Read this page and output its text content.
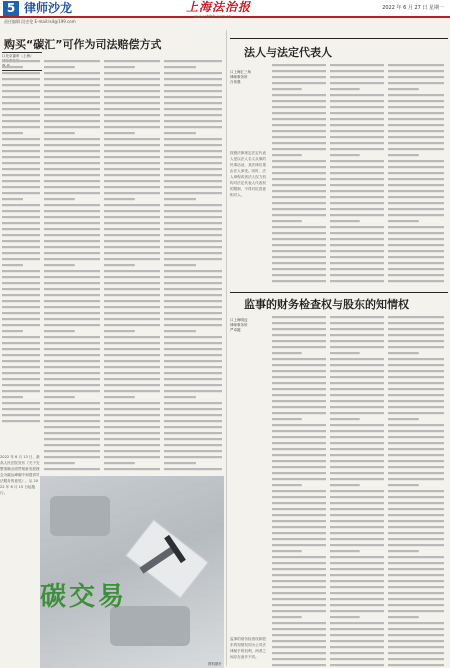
5 律师沙龙
责任编辑 段史伦 E-mail:ls4@199.com
上海法治报
www.shfzb.com.cn
2022 年 6 月 27 日 星期一
购买“碳汇”可作为司法赔偿方式
口北京嘉申（上海）
2022 年 6 月 13 日，最高人民法院发布《关于完整准确全面贯彻新发展理念为碳达峰碳中和提供司法服务的意见》。从 2022 年 6 月 15 日起施行。
碳交易
资料图片
法人与法定代表人
口上海汇三角
律师事务所
白伟强
按照法律规定法定代表人是以法人名义从事的民事活动，其法律后果由法人承受。同时，法人章程或者法人权力机构对法定代表人代表权的限制，不得对抗善意相对人。
监事的财务检查权与股东的知情权
口上海明迈
律师事务所
严卓越
监事的财务检查权和股东的知情权同为公司法律赋予的权利，两者之间存在诸多不同。
